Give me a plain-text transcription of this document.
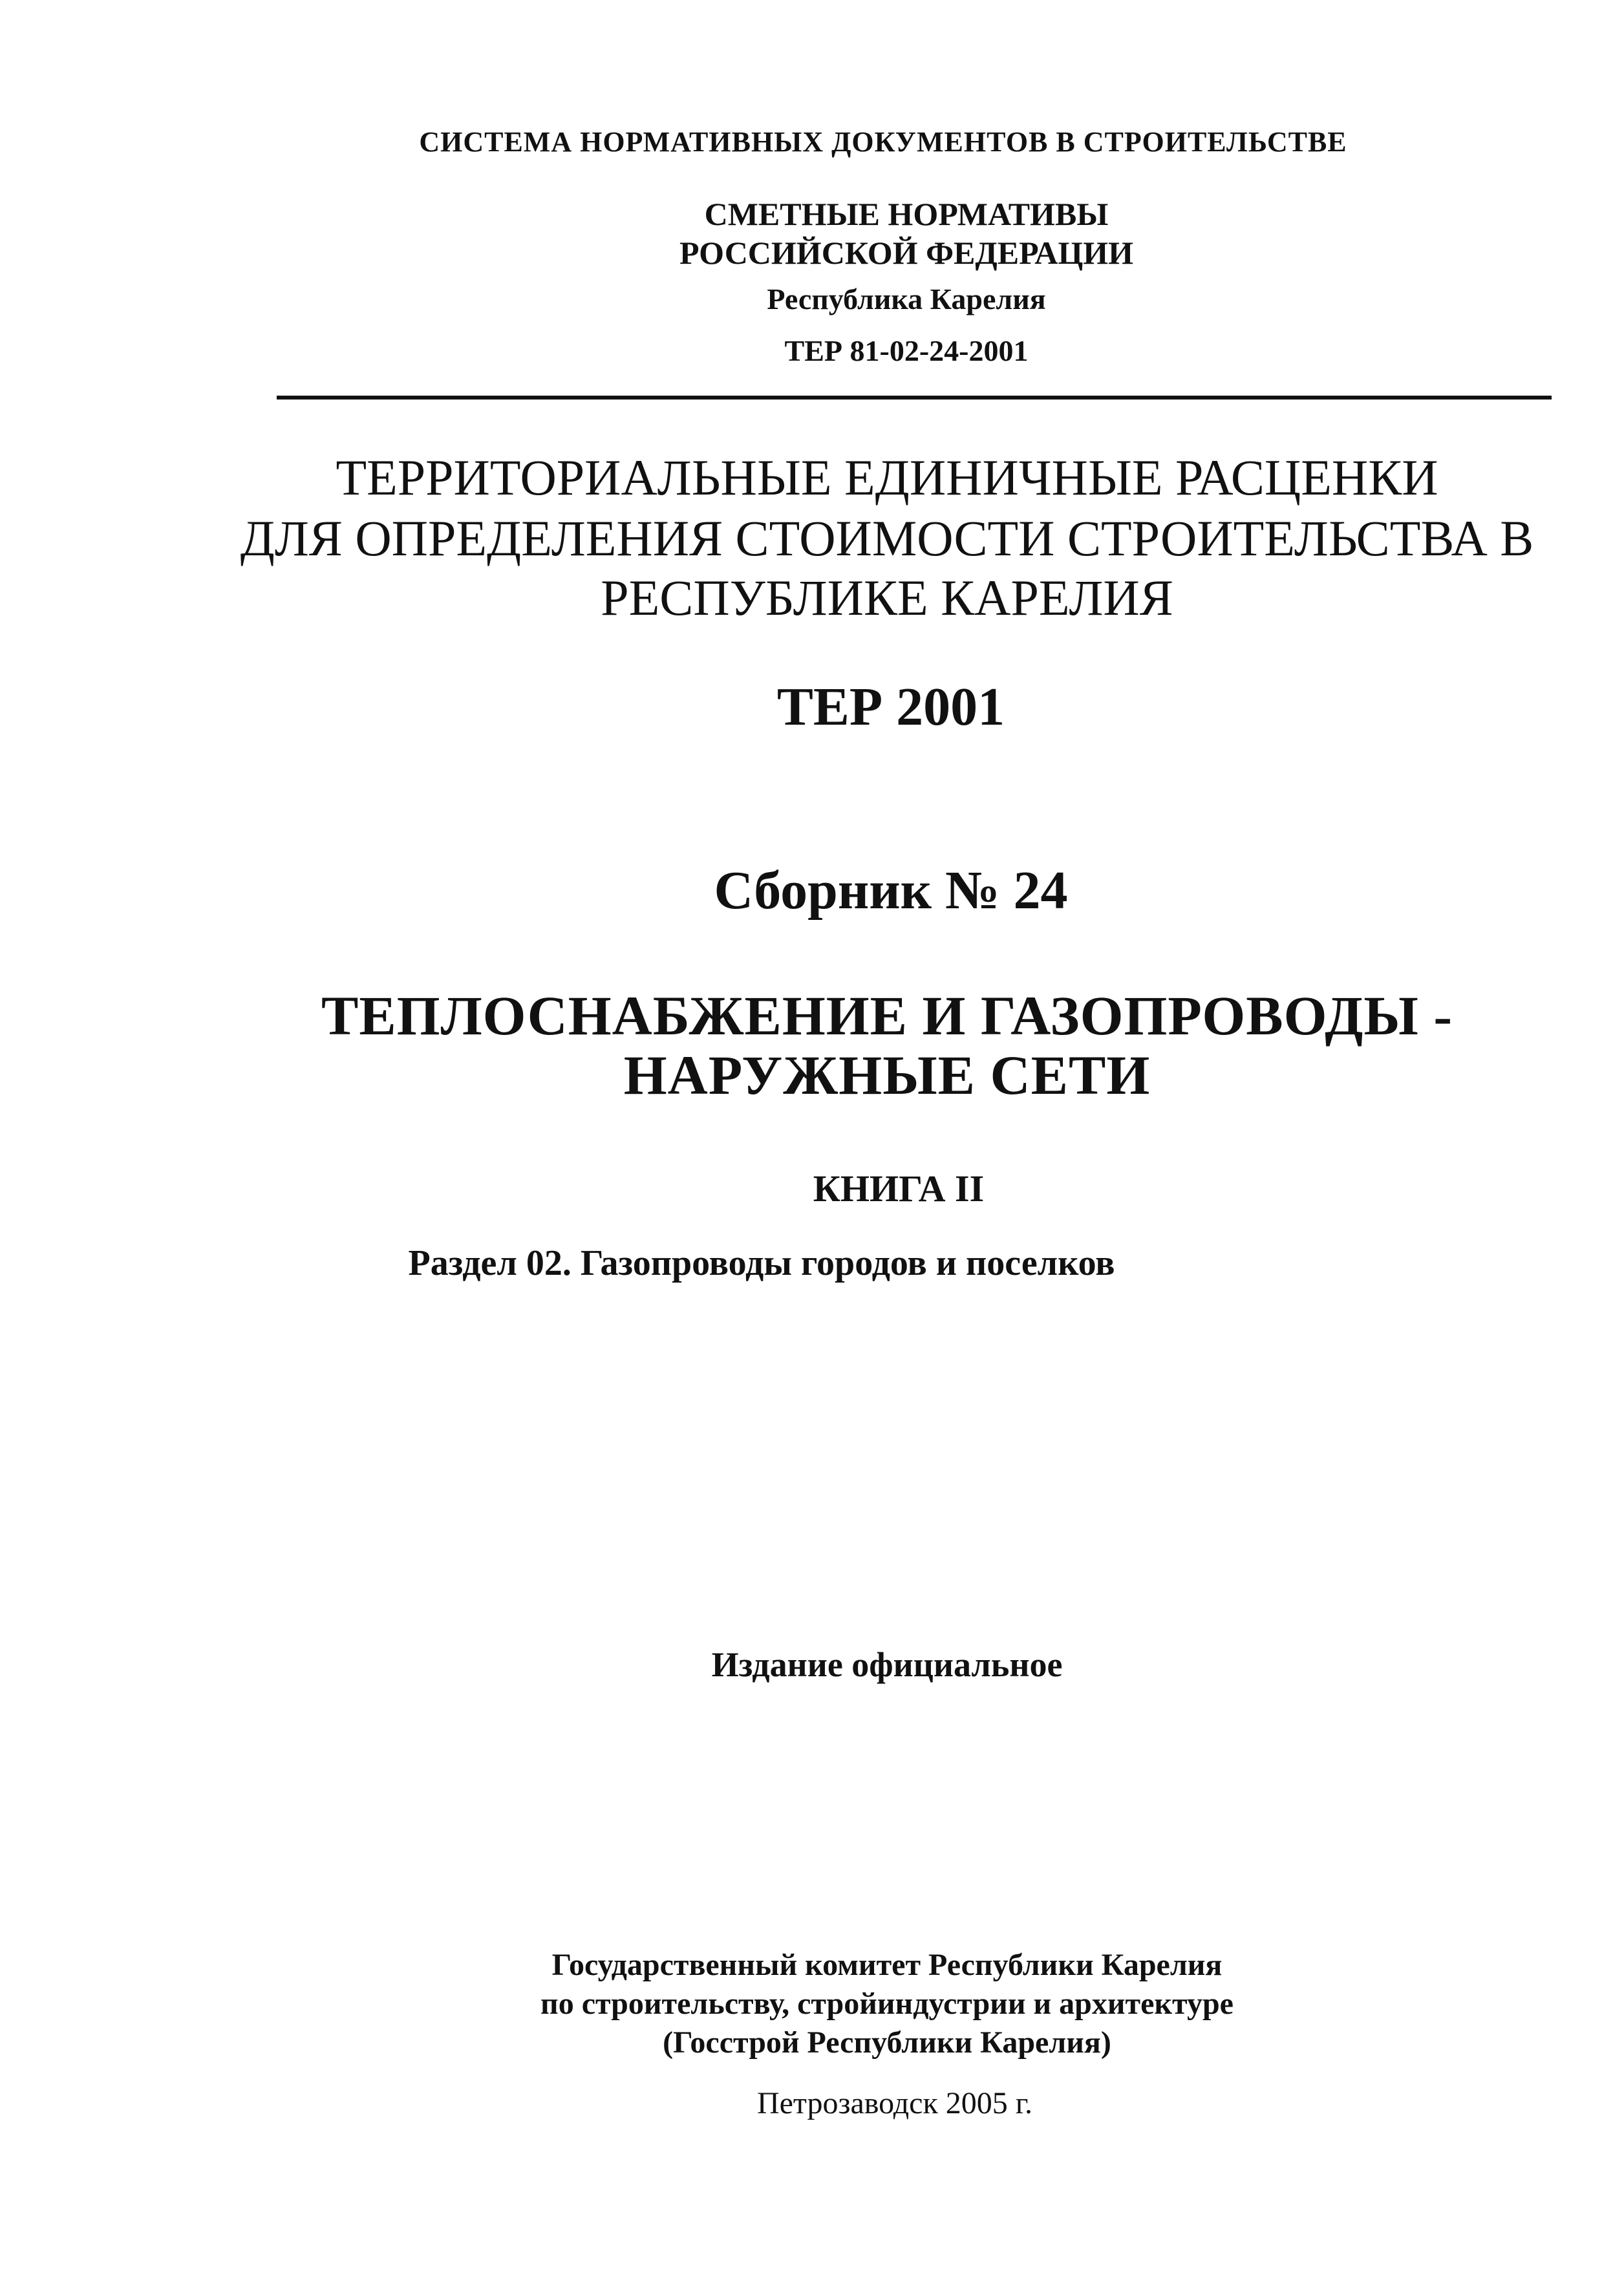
СИСТЕМА НОРМАТИВНЫХ ДОКУМЕНТОВ В СТРОИТЕЛЬСТВЕ
СМЕТНЫЕ НОРМАТИВЫ
РОССИЙСКОЙ ФЕДЕРАЦИИ
Республика Карелия
ТЕР 81-02-24-2001
ТЕРРИТОРИАЛЬНЫЕ ЕДИНИЧНЫЕ РАСЦЕНКИ
ДЛЯ ОПРЕДЕЛЕНИЯ СТОИМОСТИ СТРОИТЕЛЬСТВА В
РЕСПУБЛИКЕ КАРЕЛИЯ
ТЕР 2001
Сборник № 24
ТЕПЛОСНАБЖЕНИЕ И ГАЗОПРОВОДЫ -
НАРУЖНЫЕ СЕТИ
КНИГА II
Раздел 02. Газопроводы городов и поселков
Издание официальное
Государственный комитет Республики Карелия
по строительству, стройиндустрии и архитектуре
(Госстрой Республики Карелия)
Петрозаводск 2005 г.
